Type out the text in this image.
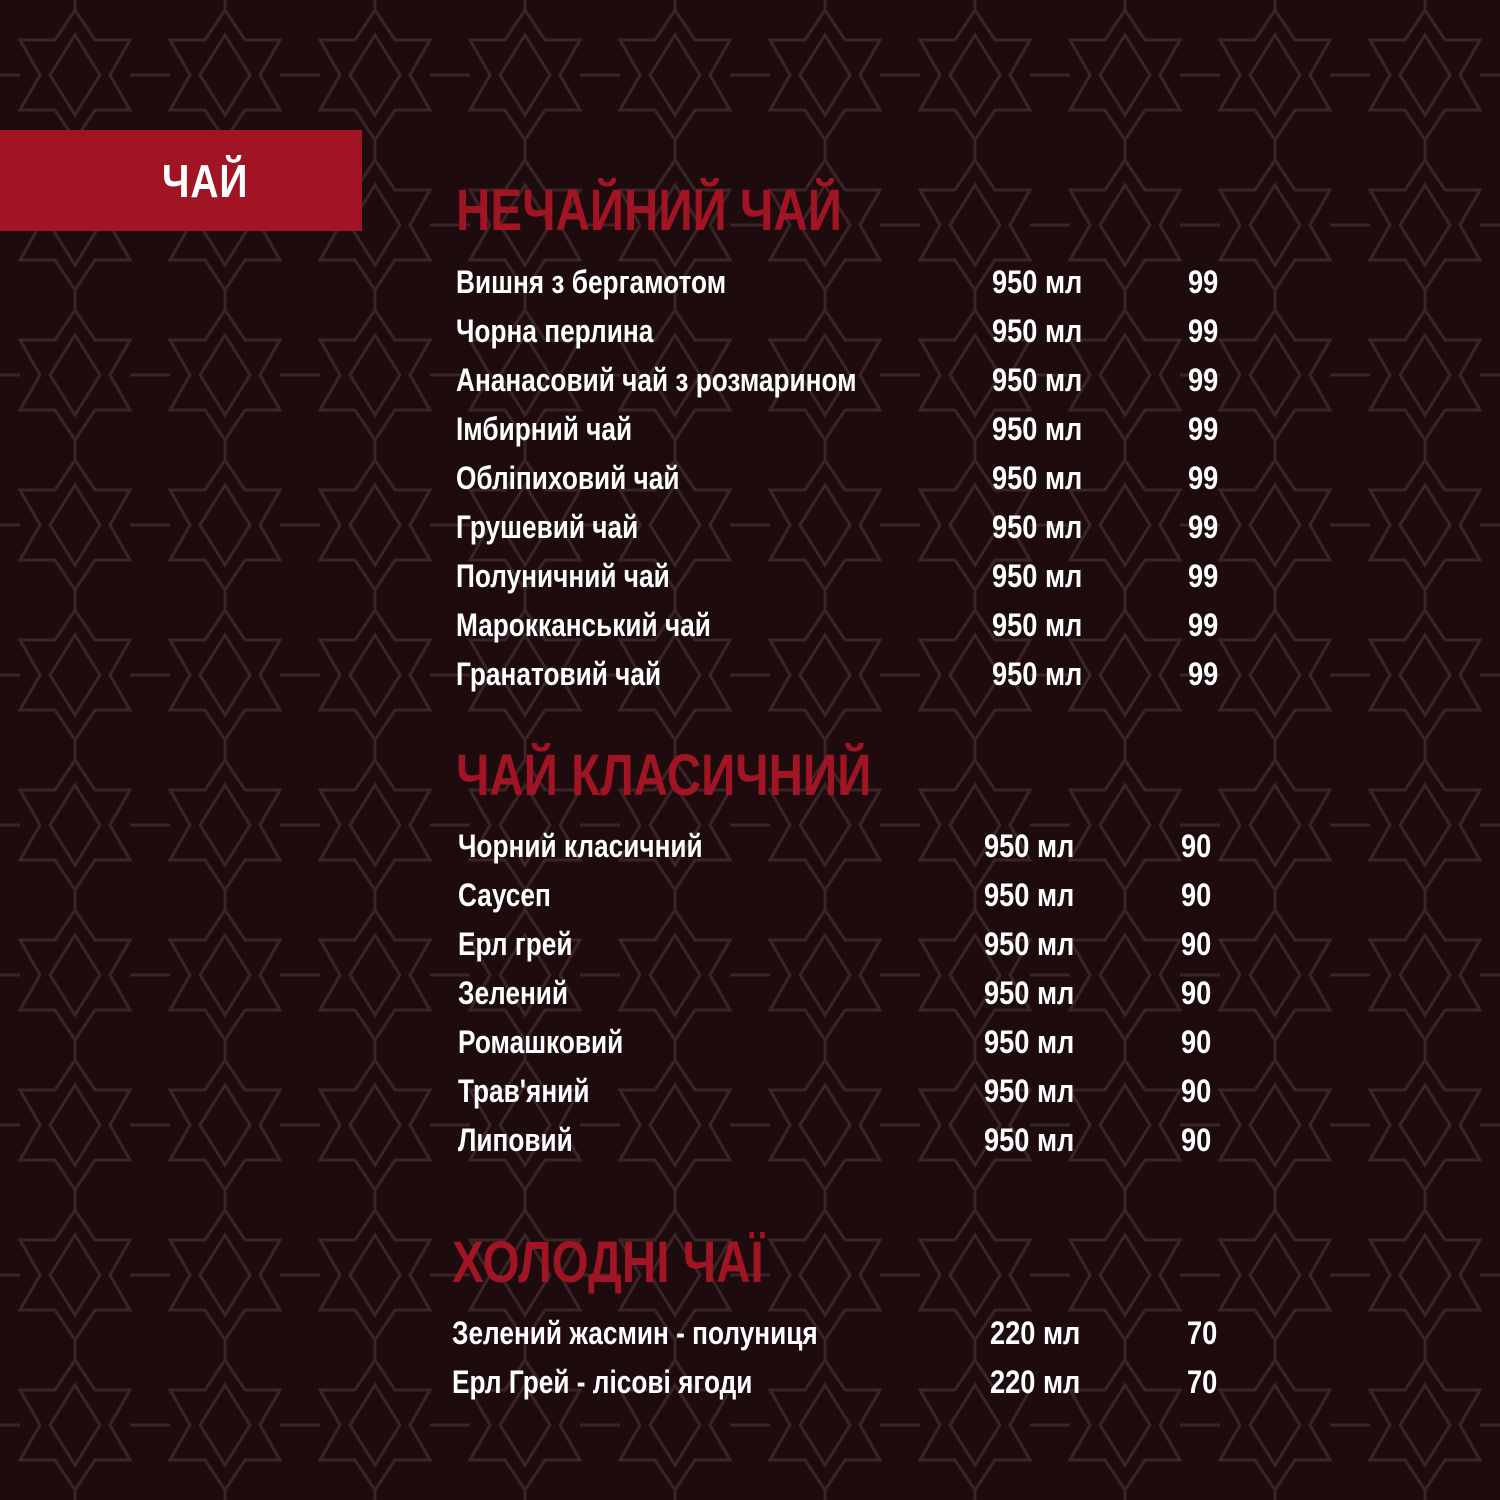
ЧАЙ	НЕЧАЙНИЙ ЧАЙ
Вишня з бергамотом	950 мл	99
Чорна перлина	950 мл	99
Ананасовий чай з розмарином	950 мл	99
Імбирний чай	950 мл	99
Обліпиховий чай	950 мл	99
Грушевий чай	950 мл	99
Полуничний чай	950 мл	99
Марокканський чай	950 мл	99
Гранатовий чай	950 мл	99
ЧАЙ КЛАСИЧНИЙ
Чорний класичний	950 мл	90
Саусеп	950 мл	90
Ерл грей	950 мл	90
Зелений	950 мл	90
Ромашковий	950 мл	90
Трав'яний	950 мл	90
Липовий	950 мл	90
ХОЛОДНІ ЧАЇ
Зелений жасмин - полуниця	220 мл	70
Ерл Грей - лісові ягоди	220 мл	70
